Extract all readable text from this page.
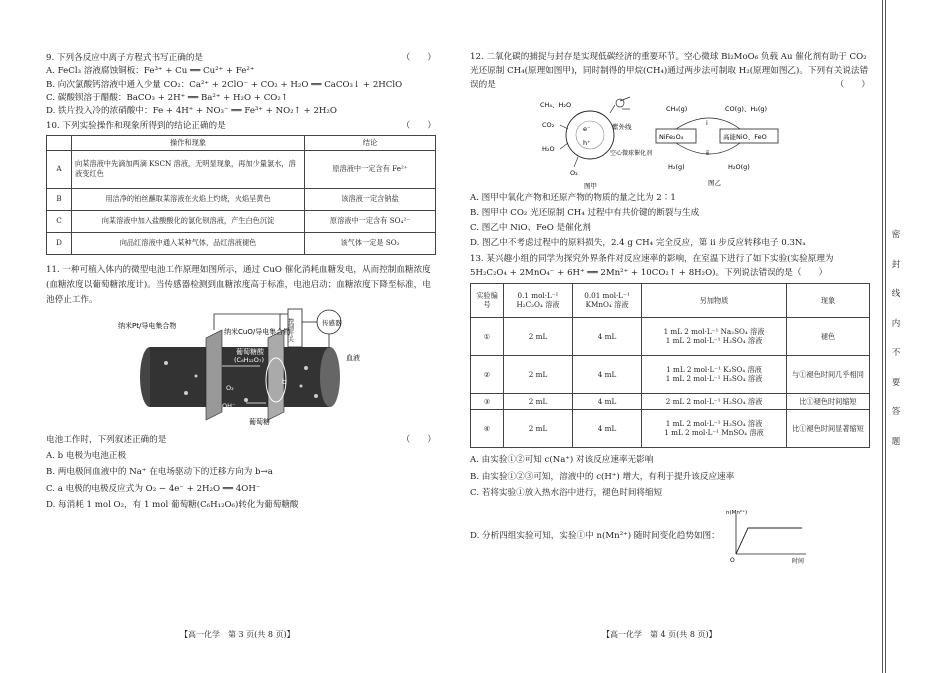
9. 下列各反应中离子方程式书写正确的是	（　　）
A. FeCl₃ 溶液腐蚀铜板：Fe³⁺ + Cu ══ Cu²⁺ + Fe²⁺
B. 向次氯酸钙溶液中通入少量 CO₂：Ca²⁺ + 2ClO⁻ + CO₂ + H₂O ══ CaCO₃↓ + 2HClO
C. 碳酸钡溶于醋酸：BaCO₃ + 2H⁺ ══ Ba²⁺ + H₂O + CO₂↑
D. 铁片投入冷的浓硝酸中：Fe + 4H⁺ + NO₃⁻ ══ Fe³⁺ + NO₂↑ + 2H₂O
10. 下列实验操作和现象所得到的结论正确的是	（　　）
	操作和现象	结论
A	向某溶液中先滴加两滴 KSCN 溶液，无明显现象，再加少量氯水，溶液变红色	原溶液中一定含有 Fe²⁺
B	用洁净的铂丝蘸取某溶液在火焰上灼烧，火焰呈黄色	该溶液一定含钠盐
C	向某溶液中加入盐酸酸化的氯化钡溶液，产生白色沉淀	原溶液中一定含有 SO₄²⁻
D	向品红溶液中通入某种气体，品红溶液褪色	该气体一定是 SO₂
11. 一种可植入体内的微型电池工作原理如图所示，通过 CuO 催化消耗血糖发电，从而控制血糖浓度(血糖浓度以葡萄糖浓度计)。当传感器检测到血糖浓度高于标准，电池启动；血糖浓度下降至标准，电池停止工作。
纳米Pt/导电集合物
a
纳米CuO/导电集合物
葡萄糖酸
(C₆H₁₂O₇)
控制开关	传感器
血液
b
O₂
OH⁻
葡萄糖
电池工作时，下列叙述正确的是	（　　）
A. b 电极为电池正极
B. 两电极间血液中的 Na⁺ 在电场驱动下的迁移方向为 b→a
C. a 电极的电极反应式为 O₂ − 4e⁻ + 2H₂O ══ 4OH⁻
D. 每消耗 1 mol O₂，有 1 mol 葡萄糖(C₆H₁₂O₆)转化为葡萄糖酸
【高一化学　第 3 页(共 8 页)】
12. 二氧化碳的捕捉与封存是实现低碳经济的重要环节。空心微球 Bi₂MoO₆ 负载 Au 催化剂有助于 CO₂ 光还原制 CH₄(原理如图甲)，同时制得的甲烷(CH₄)通过两步法可制取 H₂(原理如图乙)。下列有关说法错误的是	（　　）
CH₄、H₂O
CO₂
H₂O
O₂
e⁻
h⁺
紫外线
空心微球催化剂
图甲
NiFe₂O₄	高能NiO、FeO
CH₄(g)	CO(g)、H₂(g)
ⅰ
ⅱ
H₂(g)	H₂O(g)
图乙
A. 图甲中氧化产物和还原产物的物质的量之比为 2∶1
B. 图甲中 CO₂ 光还原制 CH₄ 过程中有共价键的断裂与生成
C. 图乙中 NiO、FeO 是催化剂
D. 图乙中不考虑过程中的原料损失，2.4 g CH₄ 完全反应，第 ⅱ 步反应转移电子 0.3Nₐ
13. 某兴趣小组的同学为探究外界条件对反应速率的影响，在室温下进行了如下实验(实验原理为 5H₂C₂O₄ + 2MnO₄⁻ + 6H⁺ ══ 2Mn²⁺ + 10CO₂↑ + 8H₂O)。下列说法错误的是（　　）
实验编号	0.1 mol·L⁻¹ H₂C₂O₄ 溶液	0.01 mol·L⁻¹ KMnO₄ 溶液	另加物质	现象
①	2 mL	4 mL	1 mL 2 mol·L⁻¹ Na₂SO₄ 溶液
1 mL 2 mol·L⁻¹ H₂SO₄ 溶液	褪色
②	2 mL	4 mL	1 mL 2 mol·L⁻¹ K₂SO₄ 溶液
1 mL 2 mol·L⁻¹ H₂SO₄ 溶液	与①褪色时间几乎相同
③	2 mL	4 mL	2 mL 2 mol·L⁻¹ H₂SO₄ 溶液	比①褪色时间缩短
④	2 mL	4 mL	1 mL 2 mol·L⁻¹ H₂SO₄ 溶液
1 mL 2 mol·L⁻¹ MnSO₄ 溶液	比①褪色时间显著缩短
A. 由实验①②可知 c(Na⁺) 对该反应速率无影响
B. 由实验①②③可知，溶液中的 c(H⁺) 增大，有利于提升该反应速率
C. 若将实验①放入热水浴中进行，褪色时间将缩短
D. 分析四组实验可知，实验①中 n(Mn²⁺) 随时间变化趋势如图：
n(Mn²⁺)
时间
O
【高一化学　第 4 页(共 8 页)】
密
封
线
内
不
要
答
题
